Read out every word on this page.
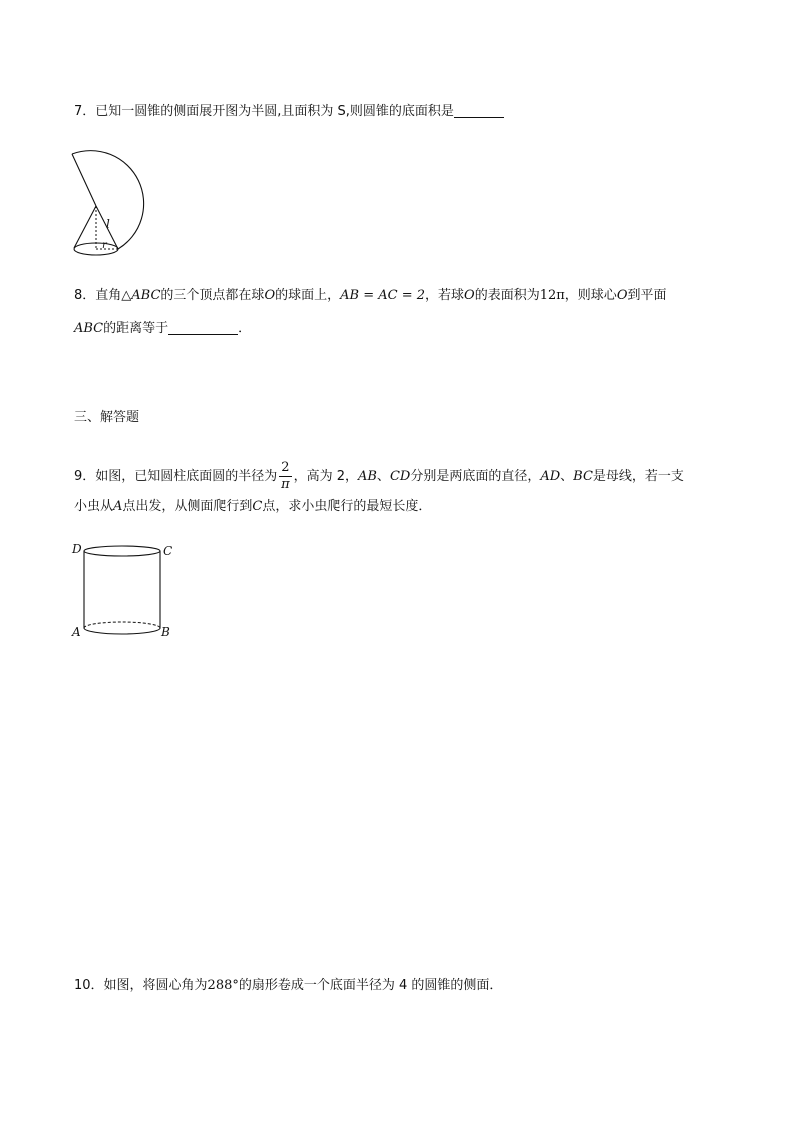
7．已知一圆锥的侧面展开图为半圆,且面积为 S,则圆锥的底面积是
l
r
8．直角△ABC的三个顶点都在球O的球面上，AB = AC = 2，若球O的表面积为12π，则球心O到平面
ABC的距离等于	．
三、解答题
9．如图，已知圆柱底面圆的半径为 $\frac{2}{\pi}$ ，高为 2，AB、CD分别是两底面的直径，AD、BC是母线，若一支
小虫从A点出发，从侧面爬行到C点，求小虫爬行的最短长度．
D	C
A	B
10．如图，将圆心角为288°的扇形卷成一个底面半径为 4 的圆锥的侧面．
